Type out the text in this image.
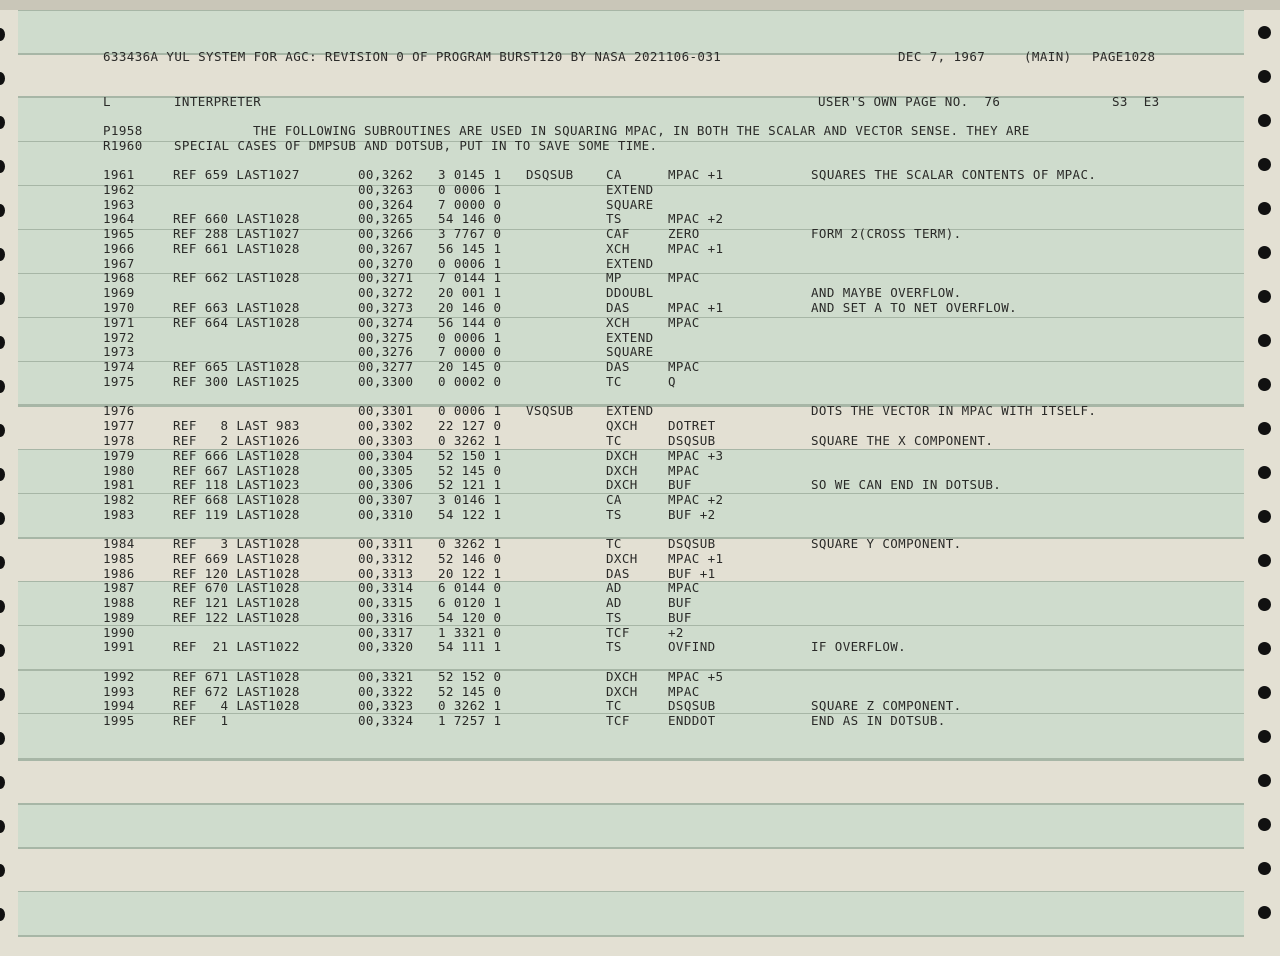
633436A YUL SYSTEM FOR AGC: REVISION 0 OF PROGRAM BURST120 BY NASA 2021106-031	DEC 7, 1967	(MAIN) PAGE1028
L	INTERPRETER	USER'S OWN PAGE NO.  76	S3  E3
P1958	THE FOLLOWING SUBROUTINES ARE USED IN SQUARING MPAC, IN BOTH THE SCALAR AND VECTOR SENSE. THEY ARE
R1960	SPECIAL CASES OF DMPSUB AND DOTSUB, PUT IN TO SAVE SOME TIME.
1961	REF 659 LAST1027	00,3262 3 0145 1 DSQSUB	CA	MPAC +1	SQUARES THE SCALAR CONTENTS OF MPAC.
1962	00,3263 0 0006 1	EXTEND
1963	00,3264 7 0000 0	SQUARE
1964	REF 660 LAST1028	00,3265 54 146 0	TS	MPAC +2
1965	REF 288 LAST1027	00,3266 3 7767 0	CAF	ZERO	FORM 2(CROSS TERM).
1966	REF 661 LAST1028	00,3267 56 145 1	XCH	MPAC +1
1967	00,3270 0 0006 1	EXTEND
1968	REF 662 LAST1028	00,3271 7 0144 1	MP	MPAC
1969	00,3272 20 001 1	DDOUBL	AND MAYBE OVERFLOW.
1970	REF 663 LAST1028	00,3273 20 146 0	DAS	MPAC +1	AND SET A TO NET OVERFLOW.
1971	REF 664 LAST1028	00,3274 56 144 0	XCH	MPAC
1972	00,3275 0 0006 1	EXTEND
1973	00,3276 7 0000 0	SQUARE
1974	REF 665 LAST1028	00,3277 20 145 0	DAS	MPAC
1975	REF 300 LAST1025	00,3300 0 0002 0	TC	Q
1976	00,3301 0 0006 1 VSQSUB	EXTEND	DOTS THE VECTOR IN MPAC WITH ITSELF.
1977	REF   8 LAST 983	00,3302 22 127 0	QXCH DOTRET
1978	REF   2 LAST1026	00,3303 0 3262 1	TC	DSQSUB	SQUARE THE X COMPONENT.
1979	REF 666 LAST1028	00,3304 52 150 1	DXCH MPAC +3
1980	REF 667 LAST1028	00,3305 52 145 0	DXCH MPAC
1981	REF 118 LAST1023	00,3306 52 121 1	DXCH BUF	SO WE CAN END IN DOTSUB.
1982	REF 668 LAST1028	00,3307 3 0146 1	CA	MPAC +2
1983	REF 119 LAST1028	00,3310 54 122 1	TS	BUF +2
1984	REF   3 LAST1028	00,3311 0 3262 1	TC	DSQSUB	SQUARE Y COMPONENT.
1985	REF 669 LAST1028	00,3312 52 146 0	DXCH MPAC +1
1986	REF 120 LAST1028	00,3313 20 122 1	DAS	BUF +1
1987	REF 670 LAST1028	00,3314 6 0144 0	AD	MPAC
1988	REF 121 LAST1028	00,3315 6 0120 1	AD	BUF
1989	REF 122 LAST1028	00,3316 54 120 0	TS	BUF
1990	00,3317 1 3321 0	TCF	+2
1991	REF  21 LAST1022	00,3320 54 111 1	TS	OVFIND	IF OVERFLOW.
1992	REF 671 LAST1028	00,3321 52 152 0	DXCH MPAC +5
1993	REF 672 LAST1028	00,3322 52 145 0	DXCH MPAC
1994	REF   4 LAST1028	00,3323 0 3262 1	TC	DSQSUB	SQUARE Z COMPONENT.
1995	REF   1	00,3324 1 7257 1	TCF	ENDDOT	END AS IN DOTSUB.
